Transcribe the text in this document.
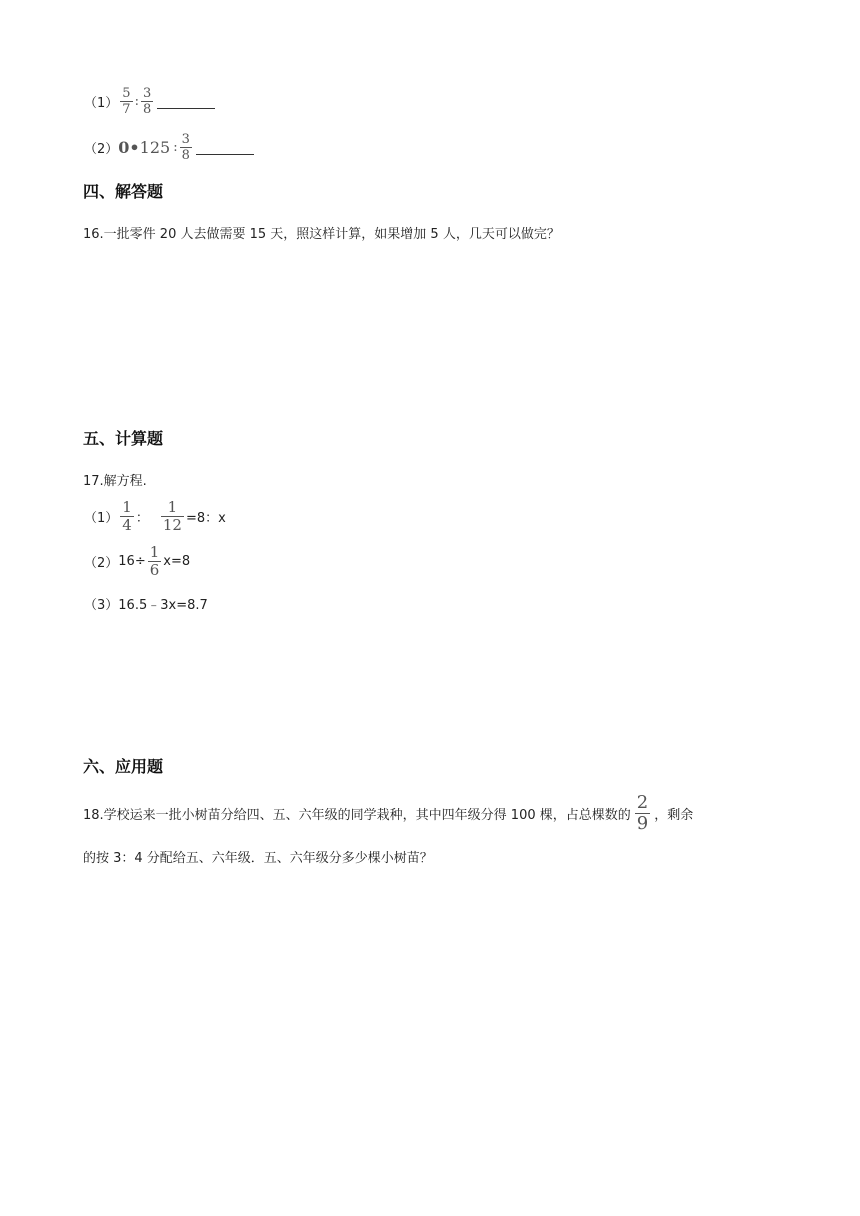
$(1) \frac{5}{7}$ : $\frac{3}{8}$
（2） 0 • 125 : $\frac{3}{8}$
四、解答题
16.一批零件 20 人去做需要 15 天，照这样计算，如果增加 5 人，几天可以做完？
五、计算题
17.解方程.
$(1) \frac{1}{4}$ ： $\frac{1}{12} =8$：x
（2） $16\div \frac{1}{6} x=8$
（3） 16.5﹣3x=8.7
六、应用题
18.学校运来一批小树苗分给四、五、六年级的同学栽种，其中四年级分得 100 棵，占总棵数的 $\frac{2}{9}$ ，剩余
的按 3：4 分配给五、六年级．五、六年级分多少棵小树苗？
